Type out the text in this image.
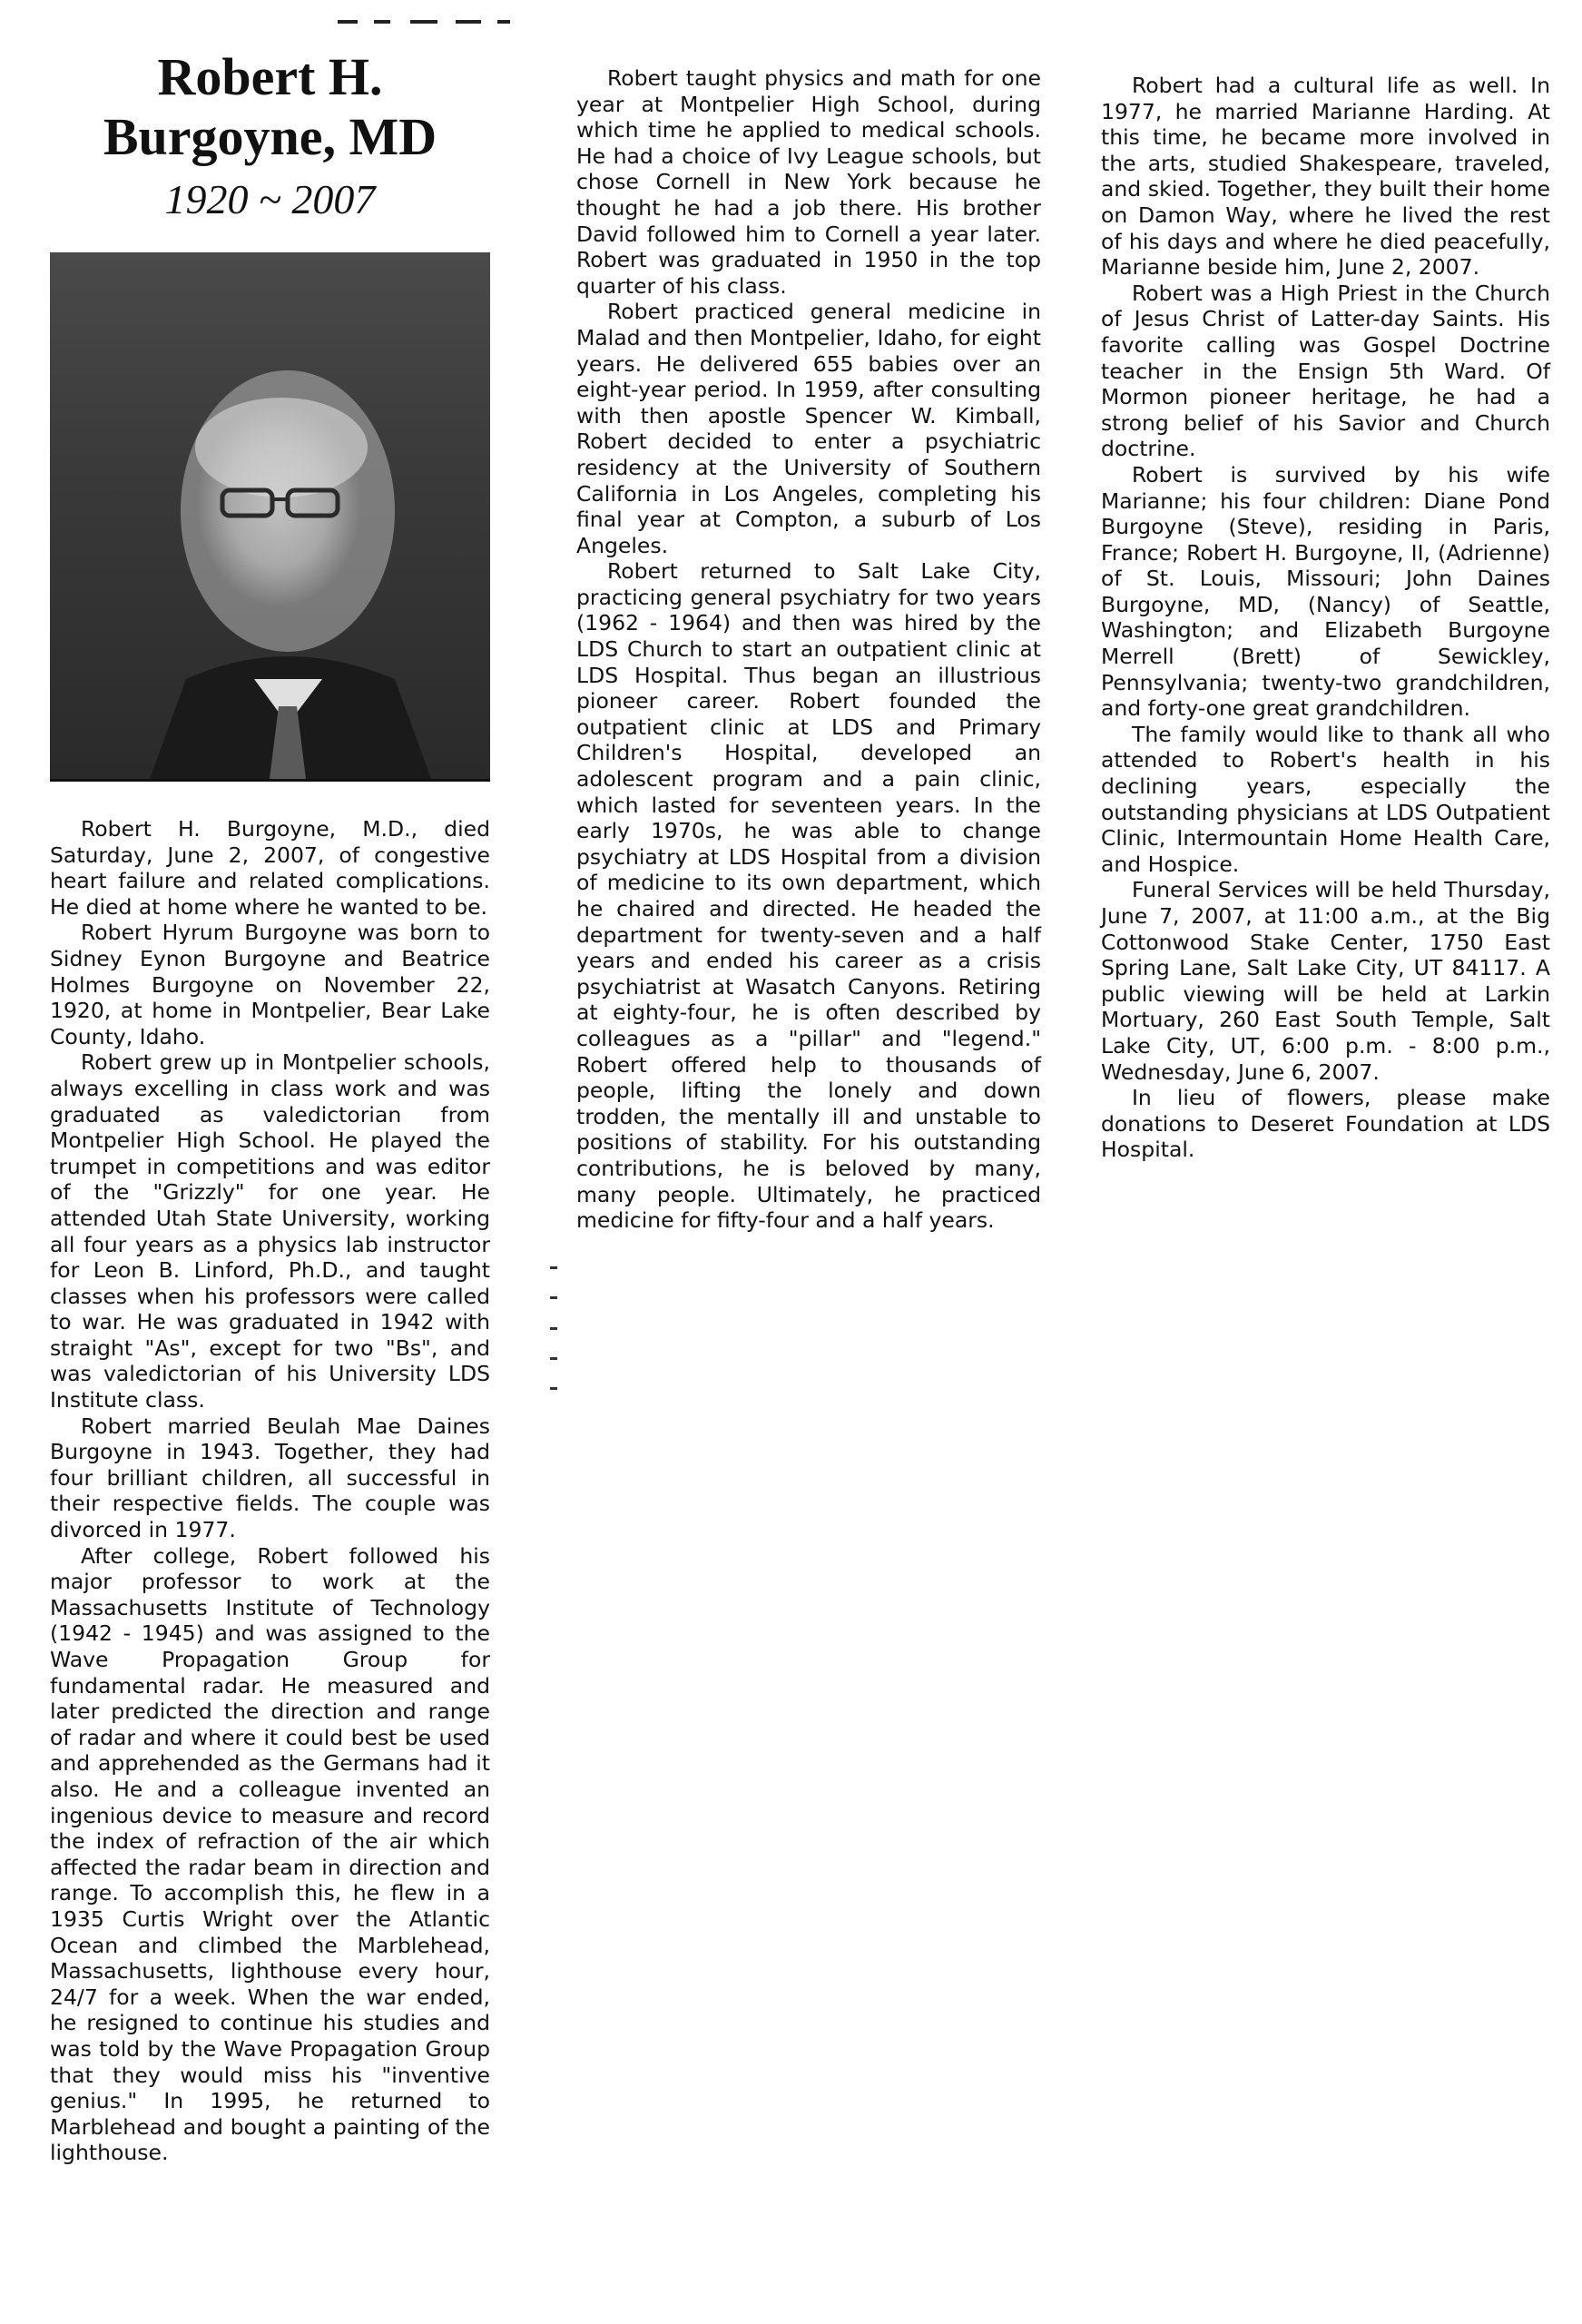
Robert H.
Burgoyne, MD
1920 ~ 2007

Robert H. Burgoyne, M.D., died Saturday, June 2, 2007, of congestive heart failure and related complications. He died at home where he wanted to be.

Robert Hyrum Burgoyne was born to Sidney Eynon Burgoyne and Beatrice Holmes Burgoyne on November 22, 1920, at home in Montpelier, Bear Lake County, Idaho.

Robert grew up in Montpelier schools, always excelling in class work and was graduated as valedictorian from Montpelier High School. He played the trumpet in competitions and was editor of the "Grizzly" for one year. He attended Utah State University, working all four years as a physics lab instructor for Leon B. Linford, Ph.D., and taught classes when his professors were called to war. He was graduated in 1942 with straight "As", except for two "Bs", and was valedictorian of his University LDS Institute class.

Robert married Beulah Mae Daines Burgoyne in 1943. Together, they had four brilliant children, all successful in their respective fields. The couple was divorced in 1977.

After college, Robert followed his major professor to work at the Massachusetts Institute of Technology (1942 - 1945) and was assigned to the Wave Propagation Group for fundamental radar. He measured and later predicted the direction and range of radar and where it could best be used and apprehended as the Germans had it also. He and a colleague invented an ingenious device to measure and record the index of refraction of the air which affected the radar beam in direction and range. To accomplish this, he flew in a 1935 Curtis Wright over the Atlantic Ocean and climbed the Marblehead, Massachusetts, lighthouse every hour, 24/7 for a week. When the war ended, he resigned to continue his studies and was told by the Wave Propagation Group that they would miss his "inventive genius." In 1995, he returned to Marblehead and bought a painting of the lighthouse.

Robert taught physics and math for one year at Montpelier High School, during which time he applied to medical schools. He had a choice of Ivy League schools, but chose Cornell in New York because he thought he had a job there. His brother David followed him to Cornell a year later. Robert was graduated in 1950 in the top quarter of his class.

Robert practiced general medicine in Malad and then Montpelier, Idaho, for eight years. He delivered 655 babies over an eight-year period. In 1959, after consulting with then apostle Spencer W. Kimball, Robert decided to enter a psychiatric residency at the University of Southern California in Los Angeles, completing his final year at Compton, a suburb of Los Angeles.

Robert returned to Salt Lake City, practicing general psychiatry for two years (1962 - 1964) and then was hired by the LDS Church to start an outpatient clinic at LDS Hospital. Thus began an illustrious pioneer career. Robert founded the outpatient clinic at LDS and Primary Children's Hospital, developed an adolescent program and a pain clinic, which lasted for seventeen years. In the early 1970s, he was able to change psychiatry at LDS Hospital from a division of medicine to its own department, which he chaired and directed. He headed the department for twenty-seven and a half years and ended his career as a crisis psychiatrist at Wasatch Canyons. Retiring at eighty-four, he is often described by colleagues as a "pillar" and "legend." Robert offered help to thousands of people, lifting the lonely and down trodden, the mentally ill and unstable to positions of stability. For his outstanding contributions, he is beloved by many, many people. Ultimately, he practiced medicine for fifty-four and a half years.

Robert had a cultural life as well. In 1977, he married Marianne Harding. At this time, he became more involved in the arts, studied Shakespeare, traveled, and skied. Together, they built their home on Damon Way, where he lived the rest of his days and where he died peacefully, Marianne beside him, June 2, 2007.

Robert was a High Priest in the Church of Jesus Christ of Latter-day Saints. His favorite calling was Gospel Doctrine teacher in the Ensign 5th Ward. Of Mormon pioneer heritage, he had a strong belief of his Savior and Church doctrine.

Robert is survived by his wife Marianne; his four children: Diane Pond Burgoyne (Steve), residing in Paris, France; Robert H. Burgoyne, II, (Adrienne) of St. Louis, Missouri; John Daines Burgoyne, MD, (Nancy) of Seattle, Washington; and Elizabeth Burgoyne Merrell (Brett) of Sewickley, Pennsylvania; twenty-two grandchildren, and forty-one great grandchildren.

The family would like to thank all who attended to Robert's health in his declining years, especially the outstanding physicians at LDS Outpatient Clinic, Intermountain Home Health Care, and Hospice.

Funeral Services will be held Thursday, June 7, 2007, at 11:00 a.m., at the Big Cottonwood Stake Center, 1750 East Spring Lane, Salt Lake City, UT 84117. A public viewing will be held at Larkin Mortuary, 260 East South Temple, Salt Lake City, UT, 6:00 p.m. - 8:00 p.m., Wednesday, June 6, 2007.

In lieu of flowers, please make donations to Deseret Foundation at LDS Hospital.
